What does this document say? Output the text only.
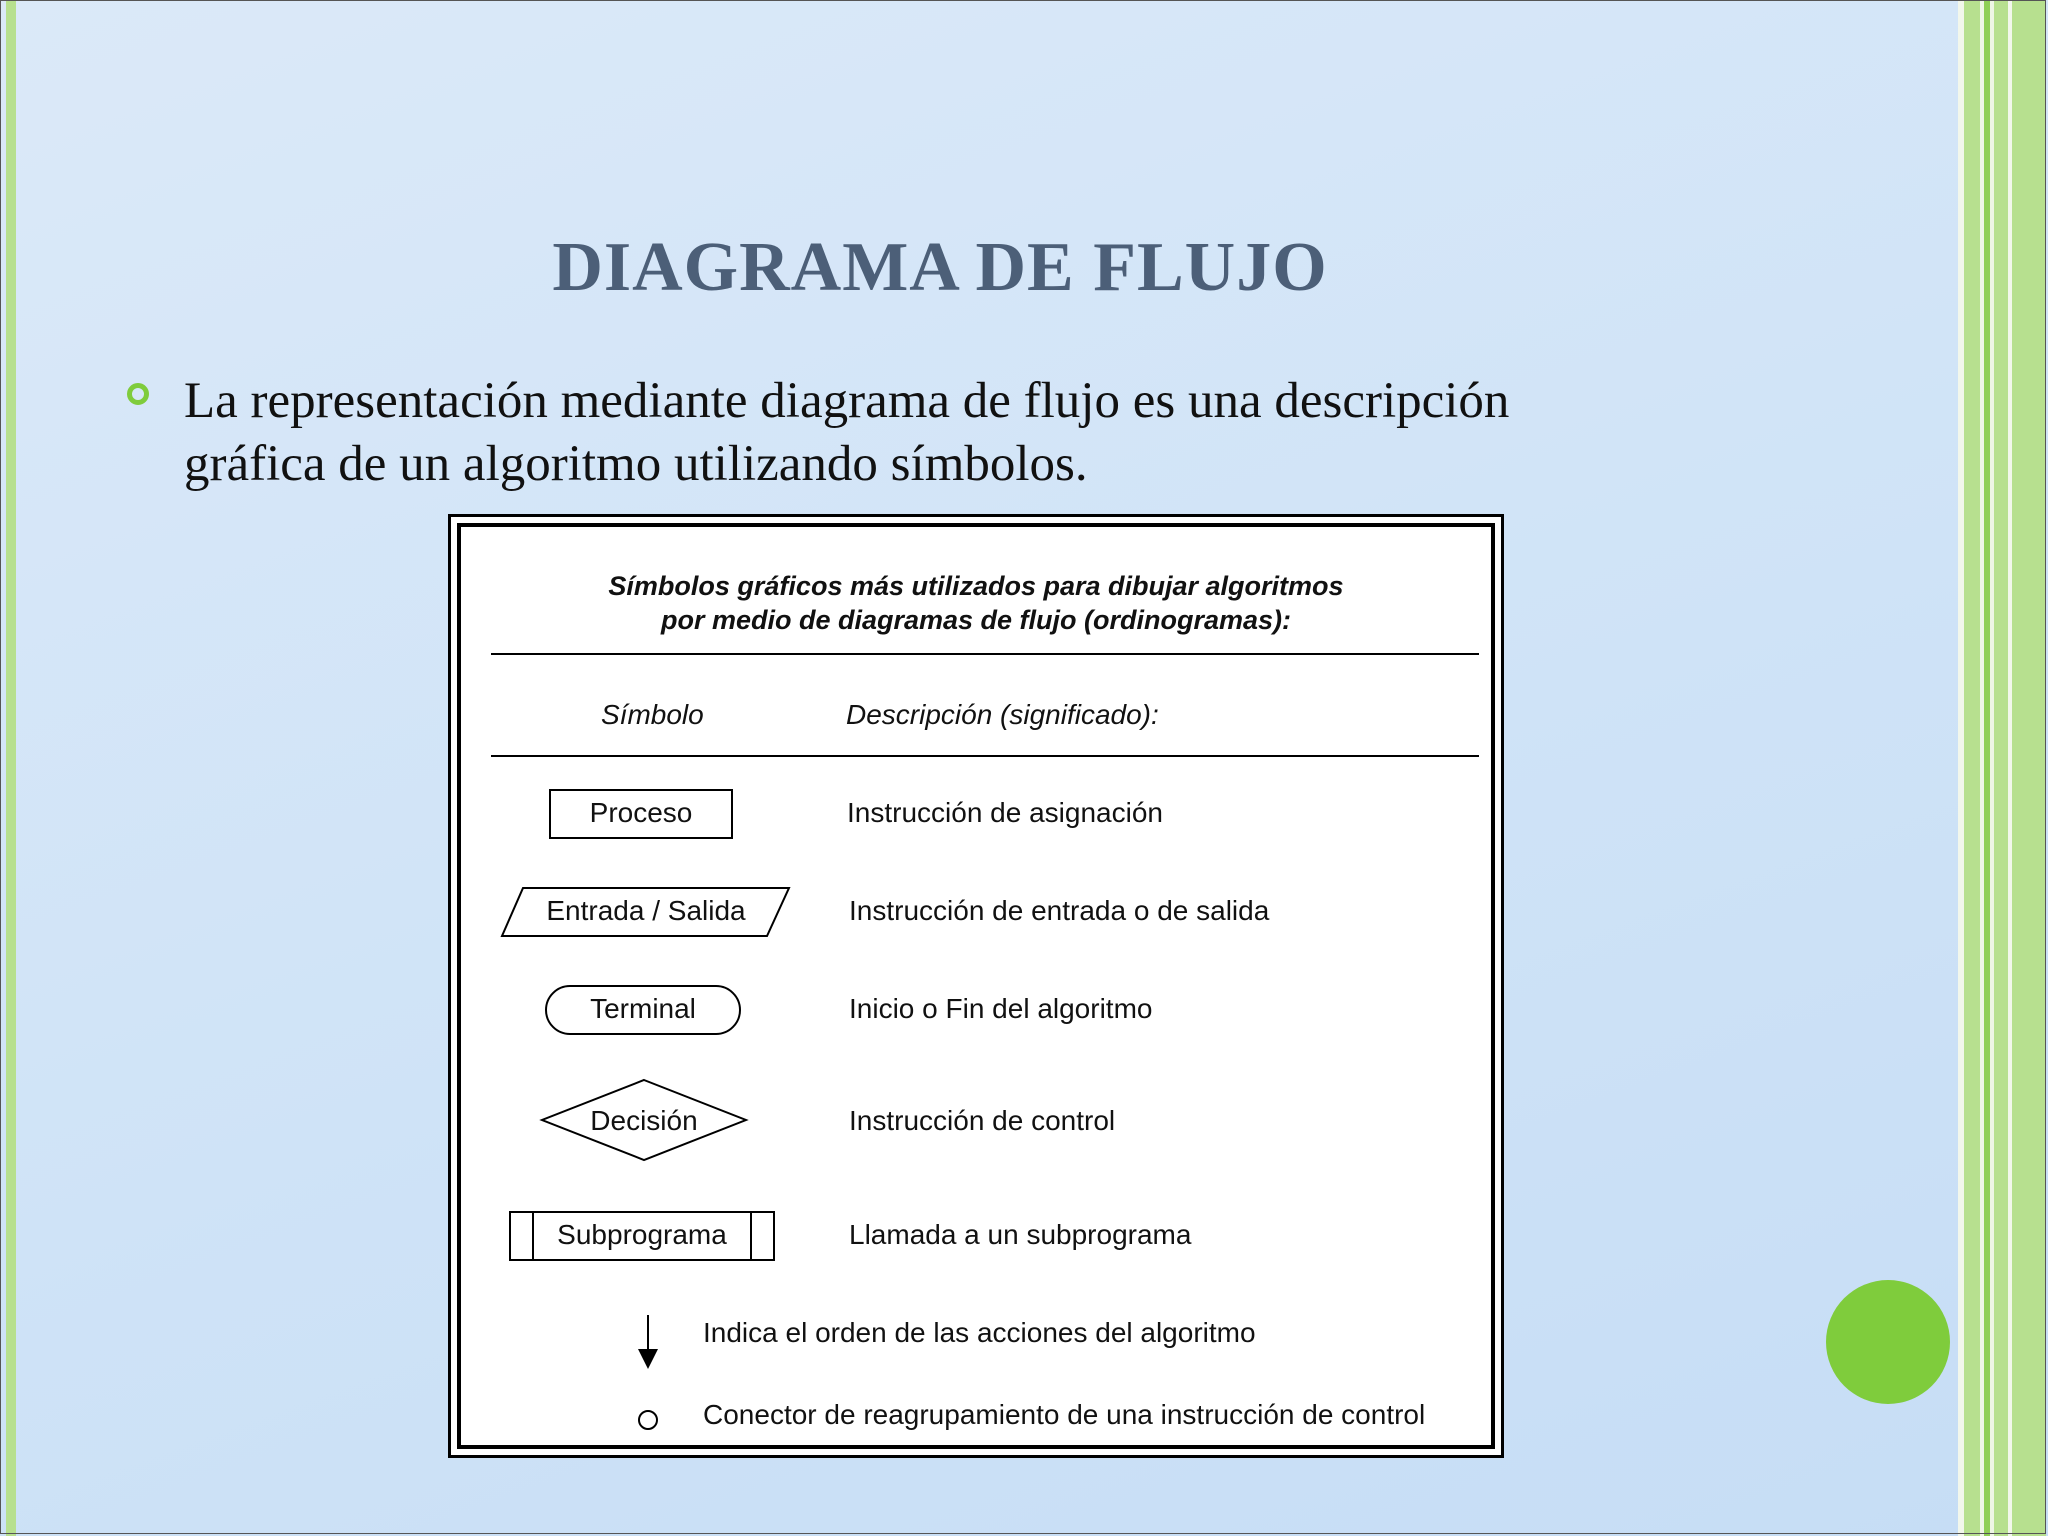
DIAGRAMA DE FLUJO
La representación mediante diagrama de flujo es una descripción
gráfica de un algoritmo utilizando símbolos.
Símbolos gráficos más utilizados para dibujar algoritmos
por medio de diagramas de flujo (ordinogramas):
Símbolo	Descripción (significado):
Proceso	Instrucción de asignación
Entrada / Salida	Instrucción de entrada o de salida
Terminal	Inicio o Fin del algoritmo
Decisión	Instrucción de control
Subprograma	Llamada a un subprograma
Indica el orden de las acciones del algoritmo
Conector de reagrupamiento de una instrucción de control
